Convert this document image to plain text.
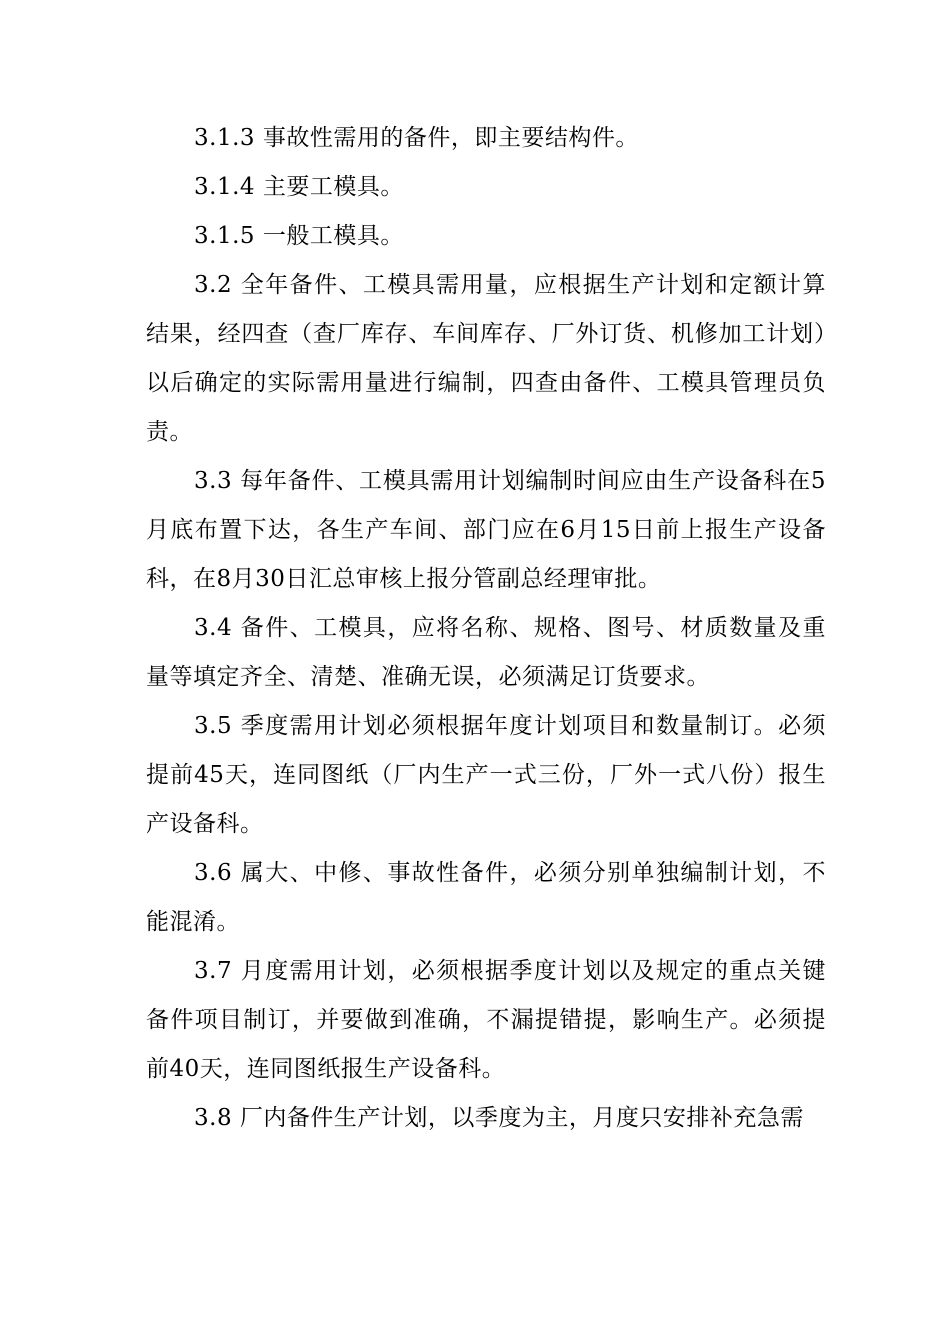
3.1.3 事故性需用的备件，即主要结构件。

3.1.4 主要工模具。

3.1.5 一般工模具。

3.2 全年备件、工模具需用量，应根据生产计划和定额计算结果，经四查（查厂库存、车间库存、厂外订货、机修加工计划）以后确定的实际需用量进行编制，四查由备件、工模具管理员负责。

3.3 每年备件、工模具需用计划编制时间应由生产设备科在5月底布置下达，各生产车间、部门应在6月15日前上报生产设备科，在8月30日汇总审核上报分管副总经理审批。

3.4 备件、工模具，应将名称、规格、图号、材质数量及重量等填定齐全、清楚、准确无误，必须满足订货要求。

3.5 季度需用计划必须根据年度计划项目和数量制订。必须提前45天，连同图纸（厂内生产一式三份，厂外一式八份）报生产设备科。

3.6 属大、中修、事故性备件，必须分别单独编制计划，不能混淆。

3.7 月度需用计划，必须根据季度计划以及规定的重点关键备件项目制订，并要做到准确，不漏提错提，影响生产。必须提前40天，连同图纸报生产设备科。

3.8 厂内备件生产计划，以季度为主，月度只安排补充急需
